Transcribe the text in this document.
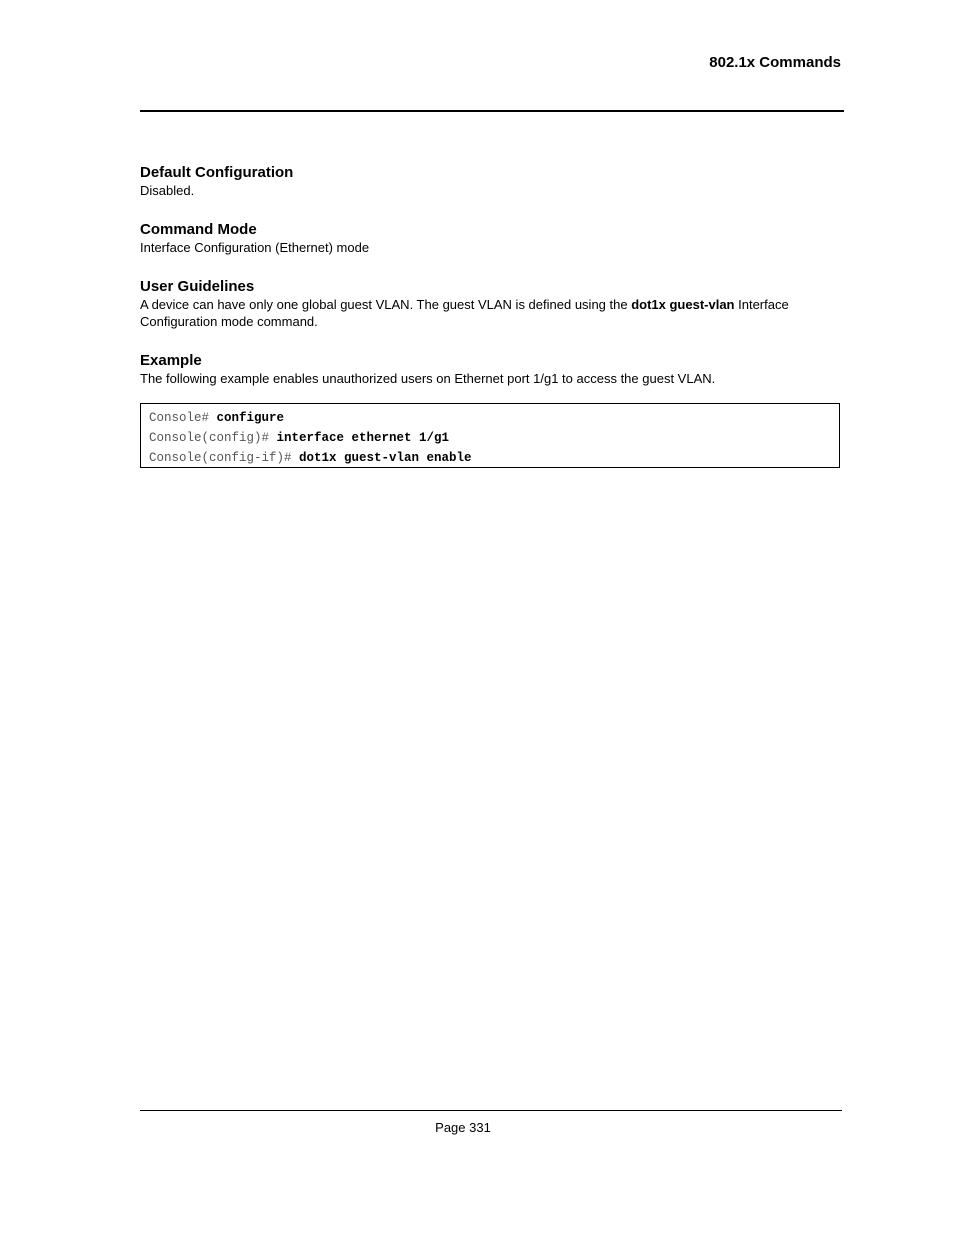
802.1x Commands
Default Configuration

Disabled.

Command Mode

Interface Configuration (Ethernet) mode

User Guidelines

A device can have only one global guest VLAN. The guest VLAN is defined using the dot1x guest-vlan Interface Configuration mode command.

Example

The following example enables unauthorized users on Ethernet port 1/g1 to access the guest VLAN.

Console# configure
Console(config)# interface ethernet 1/g1
Console(config-if)# dot1x guest-vlan enable
Page 331
